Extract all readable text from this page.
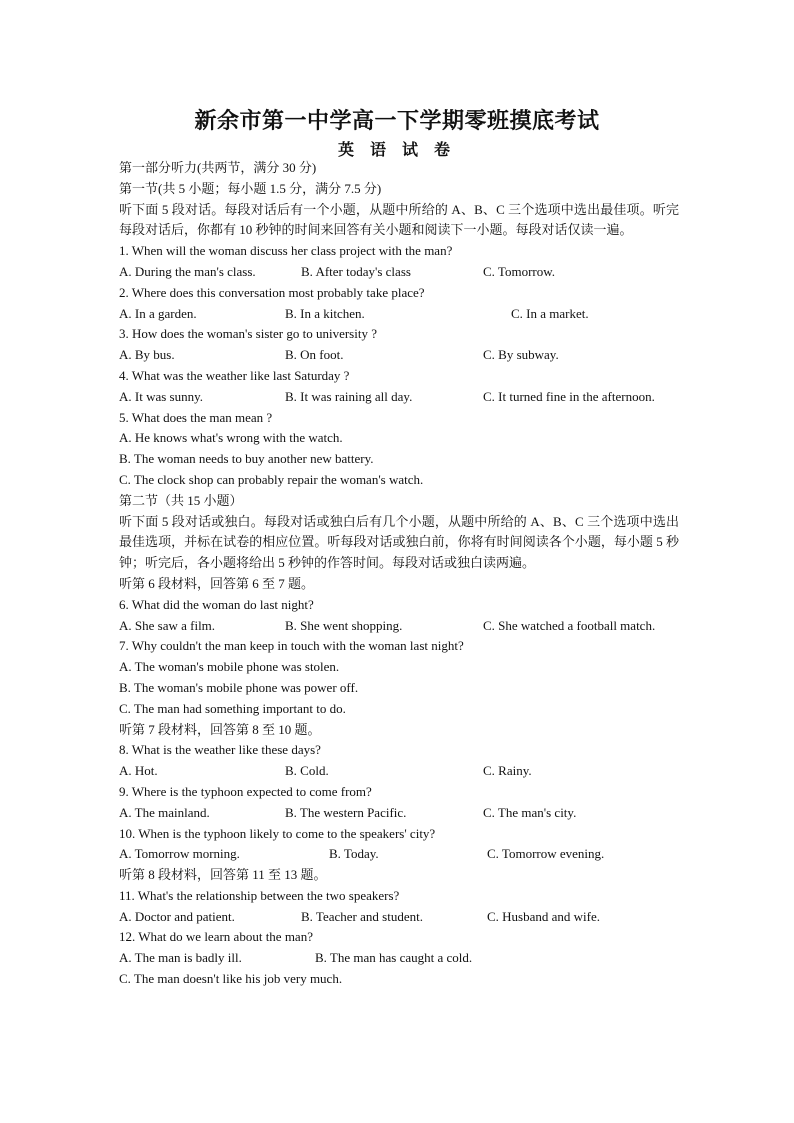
新余市第一中学高一下学期零班摸底考试
英 语 试 卷
第一部分听力(共两节，满分 30 分)
第一节(共 5 小题；每小题 1.5 分，满分 7.5 分)
听下面 5 段对话。每段对话后有一个小题，从题中所给的 A、B、C 三个选项中选出最佳项。听完每段对话后，你都有 10 秒钟的时间来回答有关小题和阅读下一小题。每段对话仅读一遍。
1. When will the woman discuss her class project with the man?
A. During the man's class.	B. After today's class	C. Tomorrow.
2. Where does this conversation most probably take place?
A. In a garden.	B. In a kitchen.	C. In a market.
3. How does the woman's sister go to university ?
A. By bus.	B. On foot.	C. By subway.
4. What was the weather like last Saturday ?
A. It was sunny.	B. It was raining all day.	C. It turned fine in the afternoon.
5. What does the man mean ?
A. He knows what's wrong with the watch.
B. The woman needs to buy another new battery.
C. The clock shop can probably repair the woman's watch.
第二节（共 15 小题）
听下面 5 段对话或独白。每段对话或独白后有几个小题，从题中所给的 A、B、C 三个选项中选出最佳选项，并标在试卷的相应位置。听每段对话或独白前，你将有时间阅读各个小题，每小题 5 秒钟；听完后，各小题将给出 5 秒钟的作答时间。每段对话或独白读两遍。
听第 6 段材料，回答第 6 至 7 题。
6. What did the woman do last night?
A. She saw a film.	B. She went shopping.	C. She watched a football match.
7. Why couldn't the man keep in touch with the woman last night?
A. The woman's mobile phone was stolen.
B. The woman's mobile phone was power off.
C. The man had something important to do.
听第 7 段材料，回答第 8 至 10 题。
8. What is the weather like these days?
A. Hot.	B. Cold.	C. Rainy.
9. Where is the typhoon expected to come from?
A. The mainland.	B. The western Pacific.	C. The man's city.
10. When is the typhoon likely to come to the speakers' city?
A. Tomorrow morning.	B. Today.	C. Tomorrow evening.
听第 8 段材料，回答第 11 至 13 题。
11. What's the relationship between the two speakers?
A. Doctor and patient.	B. Teacher and student.	C. Husband and wife.
12. What do we learn about the man?
A. The man is badly ill.	B. The man has caught a cold.
C. The man doesn't like his job very much.
